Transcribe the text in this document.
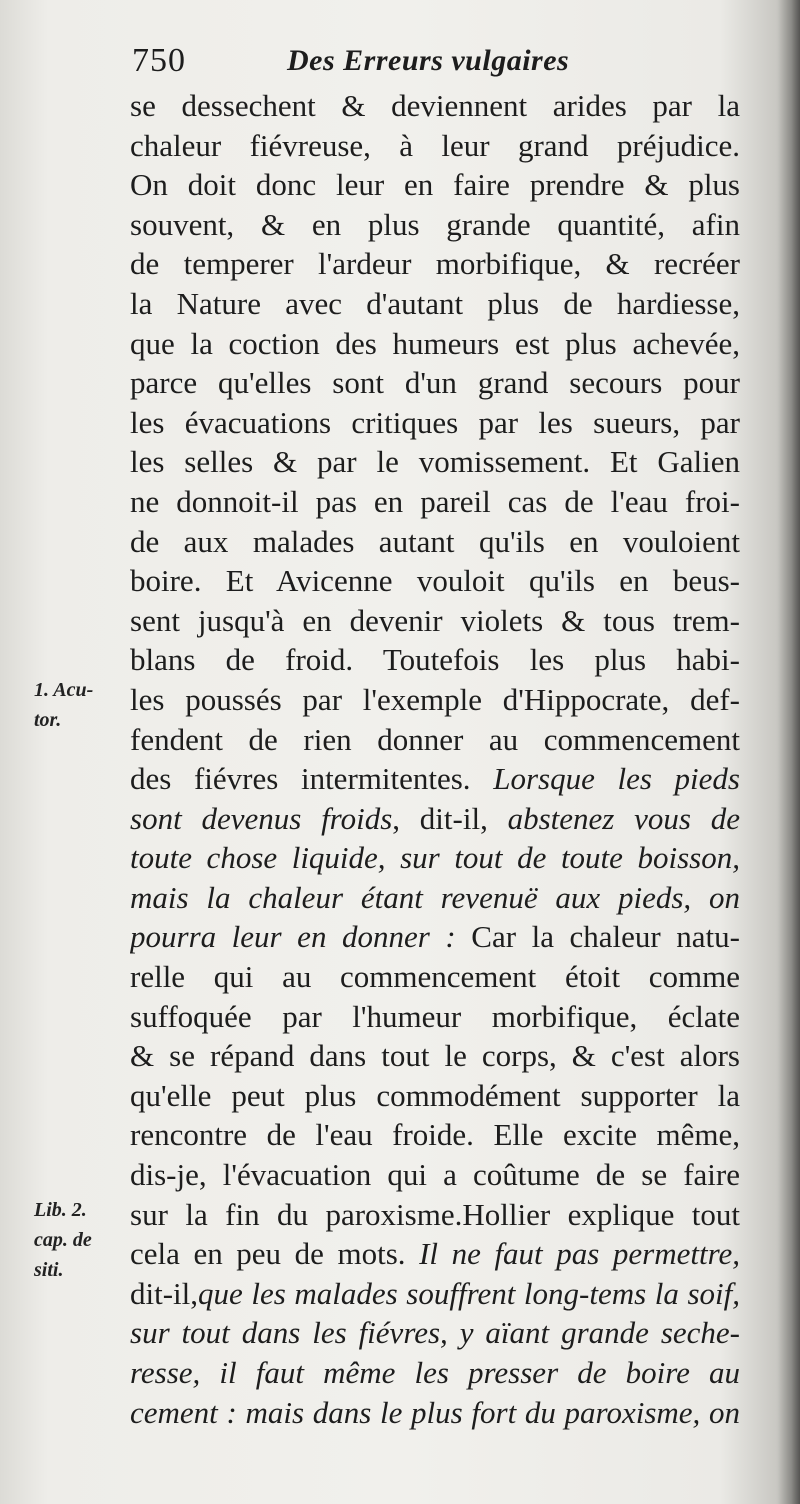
750	Des Erreurs vulgaires
se dessechent & deviennent arides par la
chaleur fiévreuse, à leur grand préjudice.
On doit donc leur en faire prendre & plus
souvent, & en plus grande quantité, afin
de temperer l'ardeur morbifique, & recréer
la Nature avec d'autant plus de hardiesse,
que la coction des humeurs est plus achevée,
parce qu'elles sont d'un grand secours pour
les évacuations critiques par les sueurs, par
les selles & par le vomissement. Et Galien
ne donnoit-il pas en pareil cas de l'eau froi-
de aux malades autant qu'ils en vouloient
boire. Et Avicenne vouloit qu'ils en beus-
sent jusqu'à en devenir violets & tous trem-
blans de froid. Toutefois les plus habi-
les poussés par l'exemple d'Hippocrate, def-
fendent de rien donner au commencement
des fiévres intermitentes. Lorsque les pieds
sont devenus froids, dit-il, abstenez vous de
toute chose liquide, sur tout de toute boisson,
mais la chaleur étant revenuë aux pieds, on
pourra leur en donner : Car la chaleur natu-
relle qui au commencement étoit comme
suffoquée par l'humeur morbifique, éclate
& se répand dans tout le corps, & c'est alors
qu'elle peut plus commodément supporter la
rencontre de l'eau froide. Elle excite même,
dis-je, l'évacuation qui a coûtume de se faire
sur la fin du paroxisme.Hollier explique tout
cela en peu de mots. Il ne faut pas permettre,
dit-il,que les malades souffrent long-tems la soif,
sur tout dans les fiévres, y aïant grande seche-
resse, il faut même les presser de boire au
cement : mais dans le plus fort du paroxisme, on
1. Acu-
tor.
Lib. 2.
cap. de
siti.
